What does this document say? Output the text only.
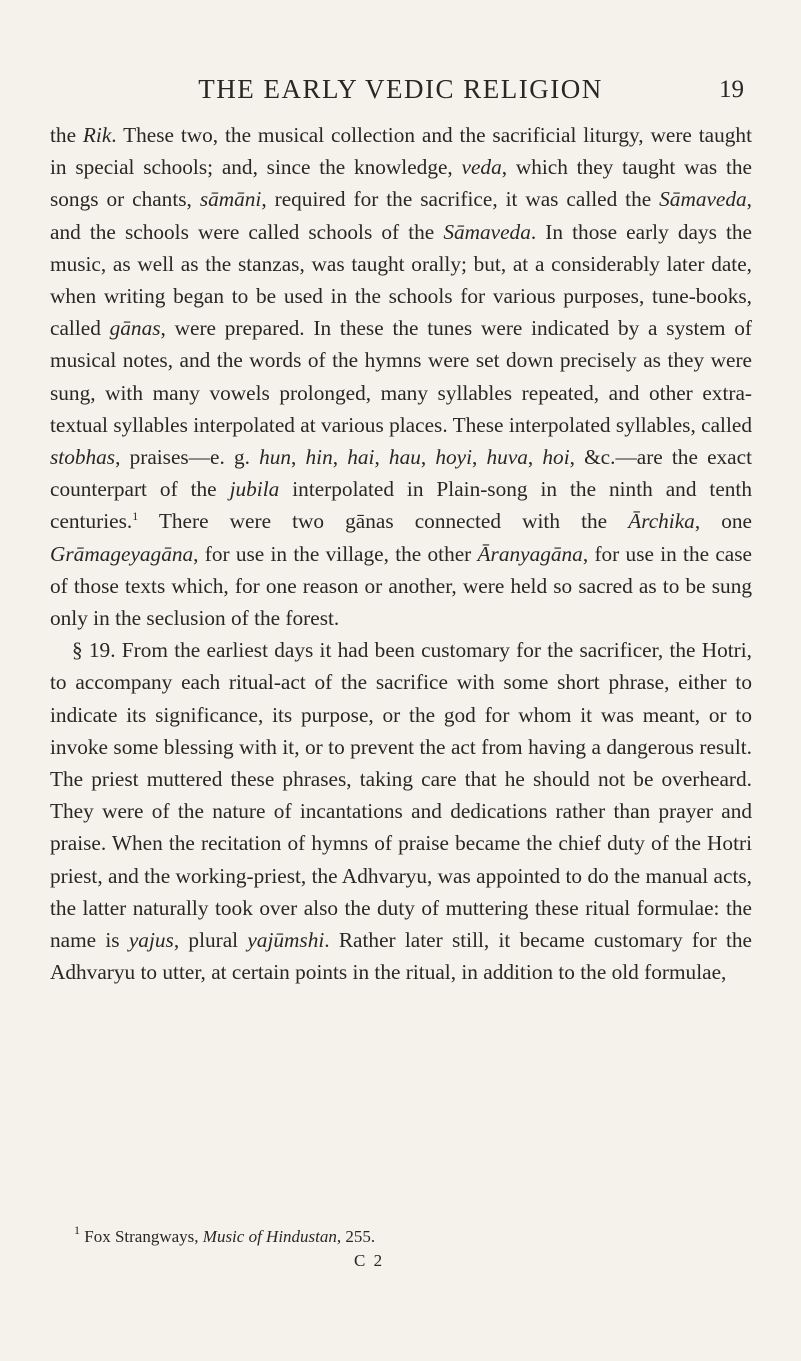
THE EARLY VEDIC RELIGION	19

the Rik. These two, the musical collection and the sacrificial liturgy, were taught in special schools; and, since the knowledge, veda, which they taught was the songs or chants, sāmāni, required for the sacrifice, it was called the Sāmaveda, and the schools were called schools of the Sāmaveda. In those early days the music, as well as the stanzas, was taught orally; but, at a considerably later date, when writing began to be used in the schools for various purposes, tune-books, called gānas, were prepared. In these the tunes were indicated by a system of musical notes, and the words of the hymns were set down precisely as they were sung, with many vowels prolonged, many syllables repeated, and other extra-textual syllables interpolated at various places. These interpolated syllables, called stobhas, praises—e. g. hun, hin, hai, hau, hoyi, huva, hoi, &c.—are the exact counterpart of the jubila interpolated in Plain-song in the ninth and tenth centuries.$^1$ There were two gānas connected with the Ārchika, one Grāmageyagāna, for use in the village, the other Āranyagāna, for use in the case of those texts which, for one reason or another, were held so sacred as to be sung only in the seclusion of the forest.

§ 19. From the earliest days it had been customary for the sacrificer, the Hotri, to accompany each ritual-act of the sacrifice with some short phrase, either to indicate its significance, its purpose, or the god for whom it was meant, or to invoke some blessing with it, or to prevent the act from having a dangerous result. The priest muttered these phrases, taking care that he should not be overheard. They were of the nature of incantations and dedications rather than prayer and praise. When the recitation of hymns of praise became the chief duty of the Hotri priest, and the working-priest, the Adhvaryu, was appointed to do the manual acts, the latter naturally took over also the duty of muttering these ritual formulae: the name is yajus, plural yajūmshi. Rather later still, it became customary for the Adhvaryu to utter, at certain points in the ritual, in addition to the old formulae,

$^1$ Fox Strangways, Music of Hindustan, 255.
C 2
